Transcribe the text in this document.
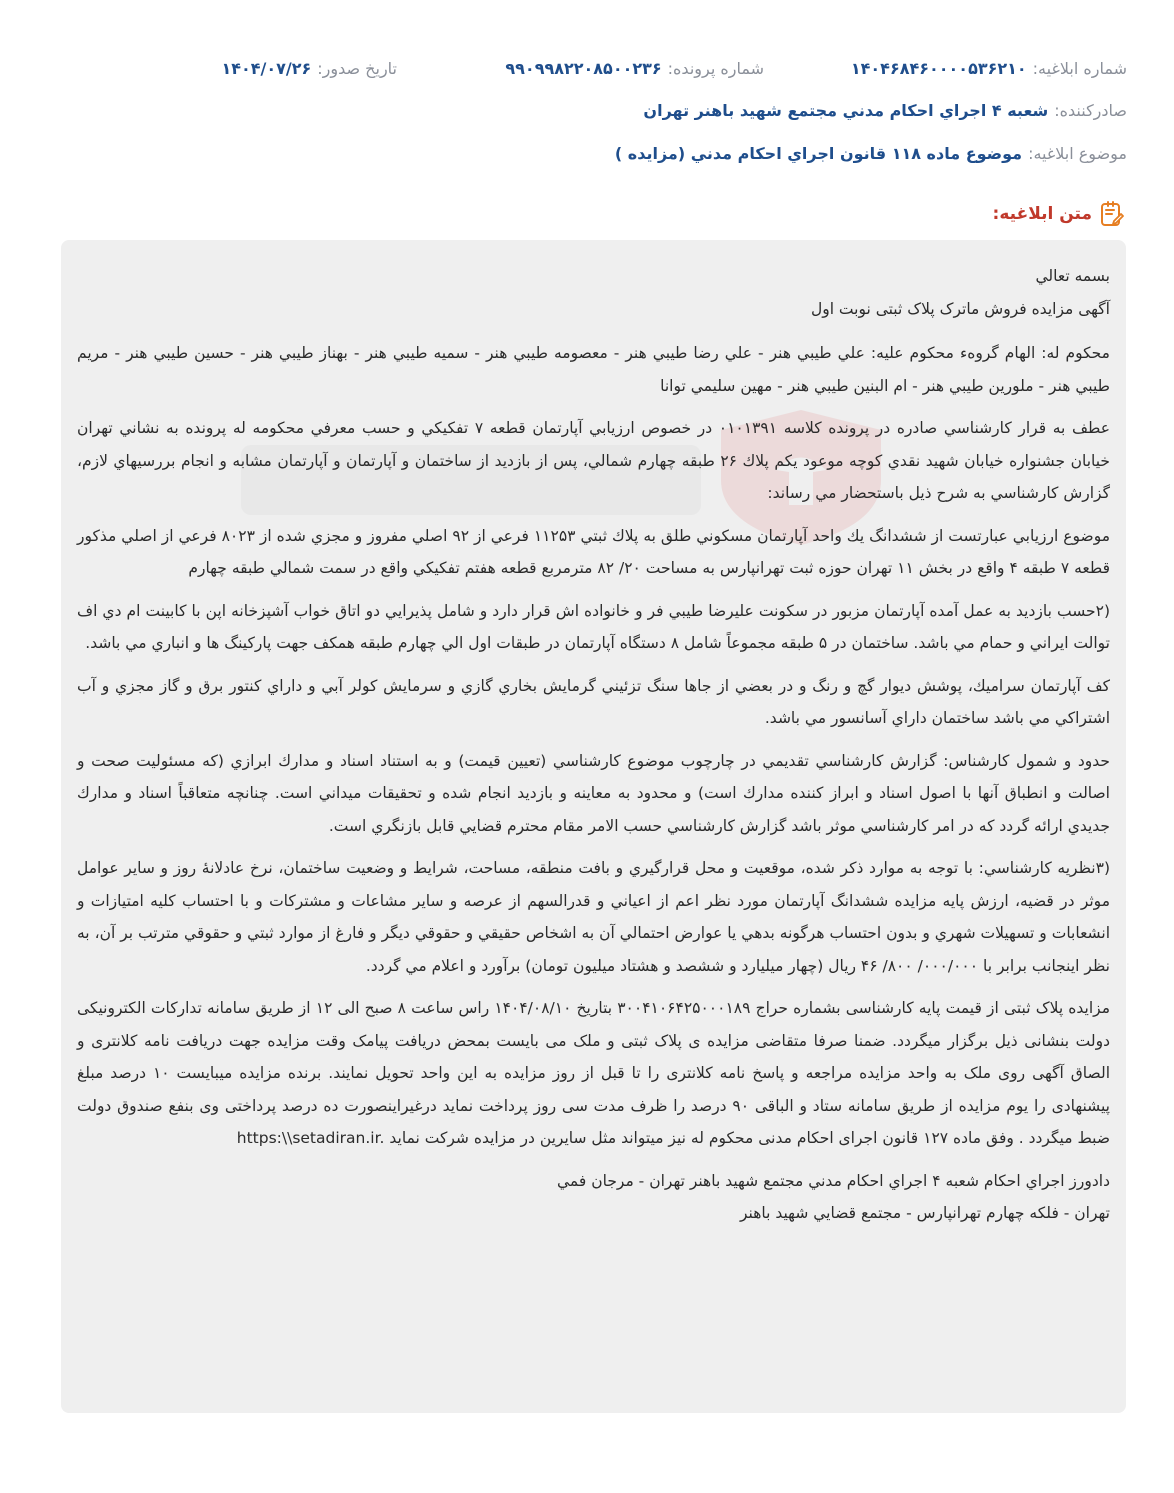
شماره ابلاغيه:
۱۴۰۴۶۸۴۶۰۰۰۰۵۳۶۲۱۰
شماره پرونده:
۹۹۰۹۹۸۲۲۰۸۵۰۰۲۳۶
تاريخ صدور:
۱۴۰۴/۰۷/۲۶
صادرکننده:
شعبه ۴ اجراي احکام مدني مجتمع شهيد باهنر تهران
موضوع ابلاغيه:
موضوع ماده ۱۱۸ قانون اجراي احکام مدني (مزايده )
متن ابلاغيه:

بسمه تعالي

آگهی مزایده فروش ماترک پلاک ثبتی نوبت اول

محکوم له: الهام گروهء محکوم عليه: علي طيبي هنر - علي رضا طيبي هنر - معصومه طيبي هنر - سميه طيبي هنر - بهناز طيبي هنر - حسين طيبي هنر - مريم طيبي هنر - ملورين طيبي هنر - ام البنين طيبي هنر - مهين سليمي توانا

عطف به قرار کارشناسي صادره در پرونده کلاسه ۰۱۰۱۳۹۱ در خصوص ارزيابي آپارتمان قطعه ۷ تفکيکي و حسب معرفي محکومه له پرونده به نشاني تهران خيابان جشنواره خيابان شهيد نقدي کوچه موعود يکم پلاك ۲۶ طبقه چهارم شمالي، پس از بازديد از ساختمان و آپارتمان و آپارتمان مشابه و انجام بررسيهاي لازم، گزارش کارشناسي به شرح ذيل باستحضار مي رساند:

موضوع ارزيابي عبارتست از ششدانگ يك واحد آپارتمان مسکوني طلق به پلاك ثبتي ۱۱۲۵۳ فرعي از ۹۲ اصلي مفروز و مجزي شده از ۸۰۲۳ فرعي از اصلي مذکور قطعه ۷ طبقه ۴ واقع در بخش ۱۱ تهران حوزه ثبت تهرانپارس به مساحت ۲۰/ ۸۲ مترمربع قطعه هفتم تفکيکي واقع در سمت شمالي طبقه چهارم

(۲حسب بازديد به عمل آمده آپارتمان مزبور در سکونت عليرضا طيبي فر و خانواده اش قرار دارد و شامل پذيرايي دو اتاق خواب آشپزخانه اپن با کابينت ام دي اف توالت ايراني و حمام مي باشد. ساختمان در ۵ طبقه مجموعاً شامل ۸ دستگاه آپارتمان در طبقات اول الي چهارم طبقه همکف جهت پارکينگ ها و انباري مي باشد.

کف آپارتمان سراميك، پوشش ديوار گچ و رنگ و در بعضي از جاها سنگ تزئيني گرمايش بخاري گازي و سرمايش کولر آبي و داراي کنتور برق و گاز مجزي و آب اشتراکي مي باشد ساختمان داراي آسانسور مي باشد.

حدود و شمول کارشناس: گزارش کارشناسي تقديمي در چارچوب موضوع کارشناسي (تعيين قيمت) و به استناد اسناد و مدارك ابرازي (که مسئوليت صحت و اصالت و انطباق آنها با اصول اسناد و ابراز کننده مدارك است) و محدود به معاينه و بازديد انجام شده و تحقيقات ميداني است. چنانچه متعاقباً اسناد و مدارك جديدي ارائه گردد که در امر کارشناسي موثر باشد گزارش کارشناسي حسب الامر مقام محترم قضايي قابل بازنگري است.

(۳نظريه کارشناسي: با توجه به موارد ذکر شده، موقعيت و محل قرارگيري و بافت منطقه، مساحت، شرايط و وضعيت ساختمان، نرخ عادلانهٔ روز و ساير عوامل موثر در قضيه، ارزش پايه مزايده ششدانگ آپارتمان مورد نظر اعم از اعياني و قدرالسهم از عرصه و ساير مشاعات و مشترکات و با احتساب کليه امتيازات و انشعابات و تسهيلات شهري و بدون احتساب هرگونه بدهي يا عوارض احتمالي آن به اشخاص حقيقي و حقوقي ديگر و فارغ از موارد ثبتي و حقوقي مترتب بر آن، به نظر اينجانب برابر با ۰۰۰/۰۰۰/ ۸۰۰/ ۴۶ ريال (چهار ميليارد و ششصد و هشتاد ميليون تومان) برآورد و اعلام مي گردد.

مزایده پلاک ثبتی از قیمت پایه کارشناسی بشماره حراج ۳۰۰۴۱۰۶۴۲۵۰۰۰۱۸۹ بتاریخ ۱۴۰۴/۰۸/۱۰ راس ساعت ۸ صبح الی ۱۲ از طریق سامانه تدارکات الکترونیکی دولت بنشانی ذیل برگزار میگردد. ضمنا صرفا متقاضی مزایده ی پلاک ثبتی و ملک می بایست بمحض دریافت پیامک وقت مزایده جهت دریافت نامه کلانتری و الصاق آگهی روی ملک به واحد مزایده مراجعه و پاسخ نامه کلانتری را تا قبل از روز مزایده به این واحد تحویل نمایند. برنده مزایده میبایست ۱۰ درصد مبلغ پیشنهادی را یوم مزایده از طریق سامانه ستاد و الباقی ۹۰ درصد را ظرف مدت سی روز پرداخت نماید درغیراینصورت ده درصد پرداختی وی بنفع صندوق دولت ضبط میگردد . وفق ماده ۱۲۷ قانون اجرای احکام مدنی محکوم له نیز میتواند مثل سایرین در مزایده شرکت نماید https:\\setadiran.ir.

دادورز اجراي احکام شعبه ۴ اجراي احکام مدني مجتمع شهيد باهنر تهران - مرجان فمي

تهران - فلکه چهارم تهرانپارس - مجتمع قضايي شهيد باهنر
